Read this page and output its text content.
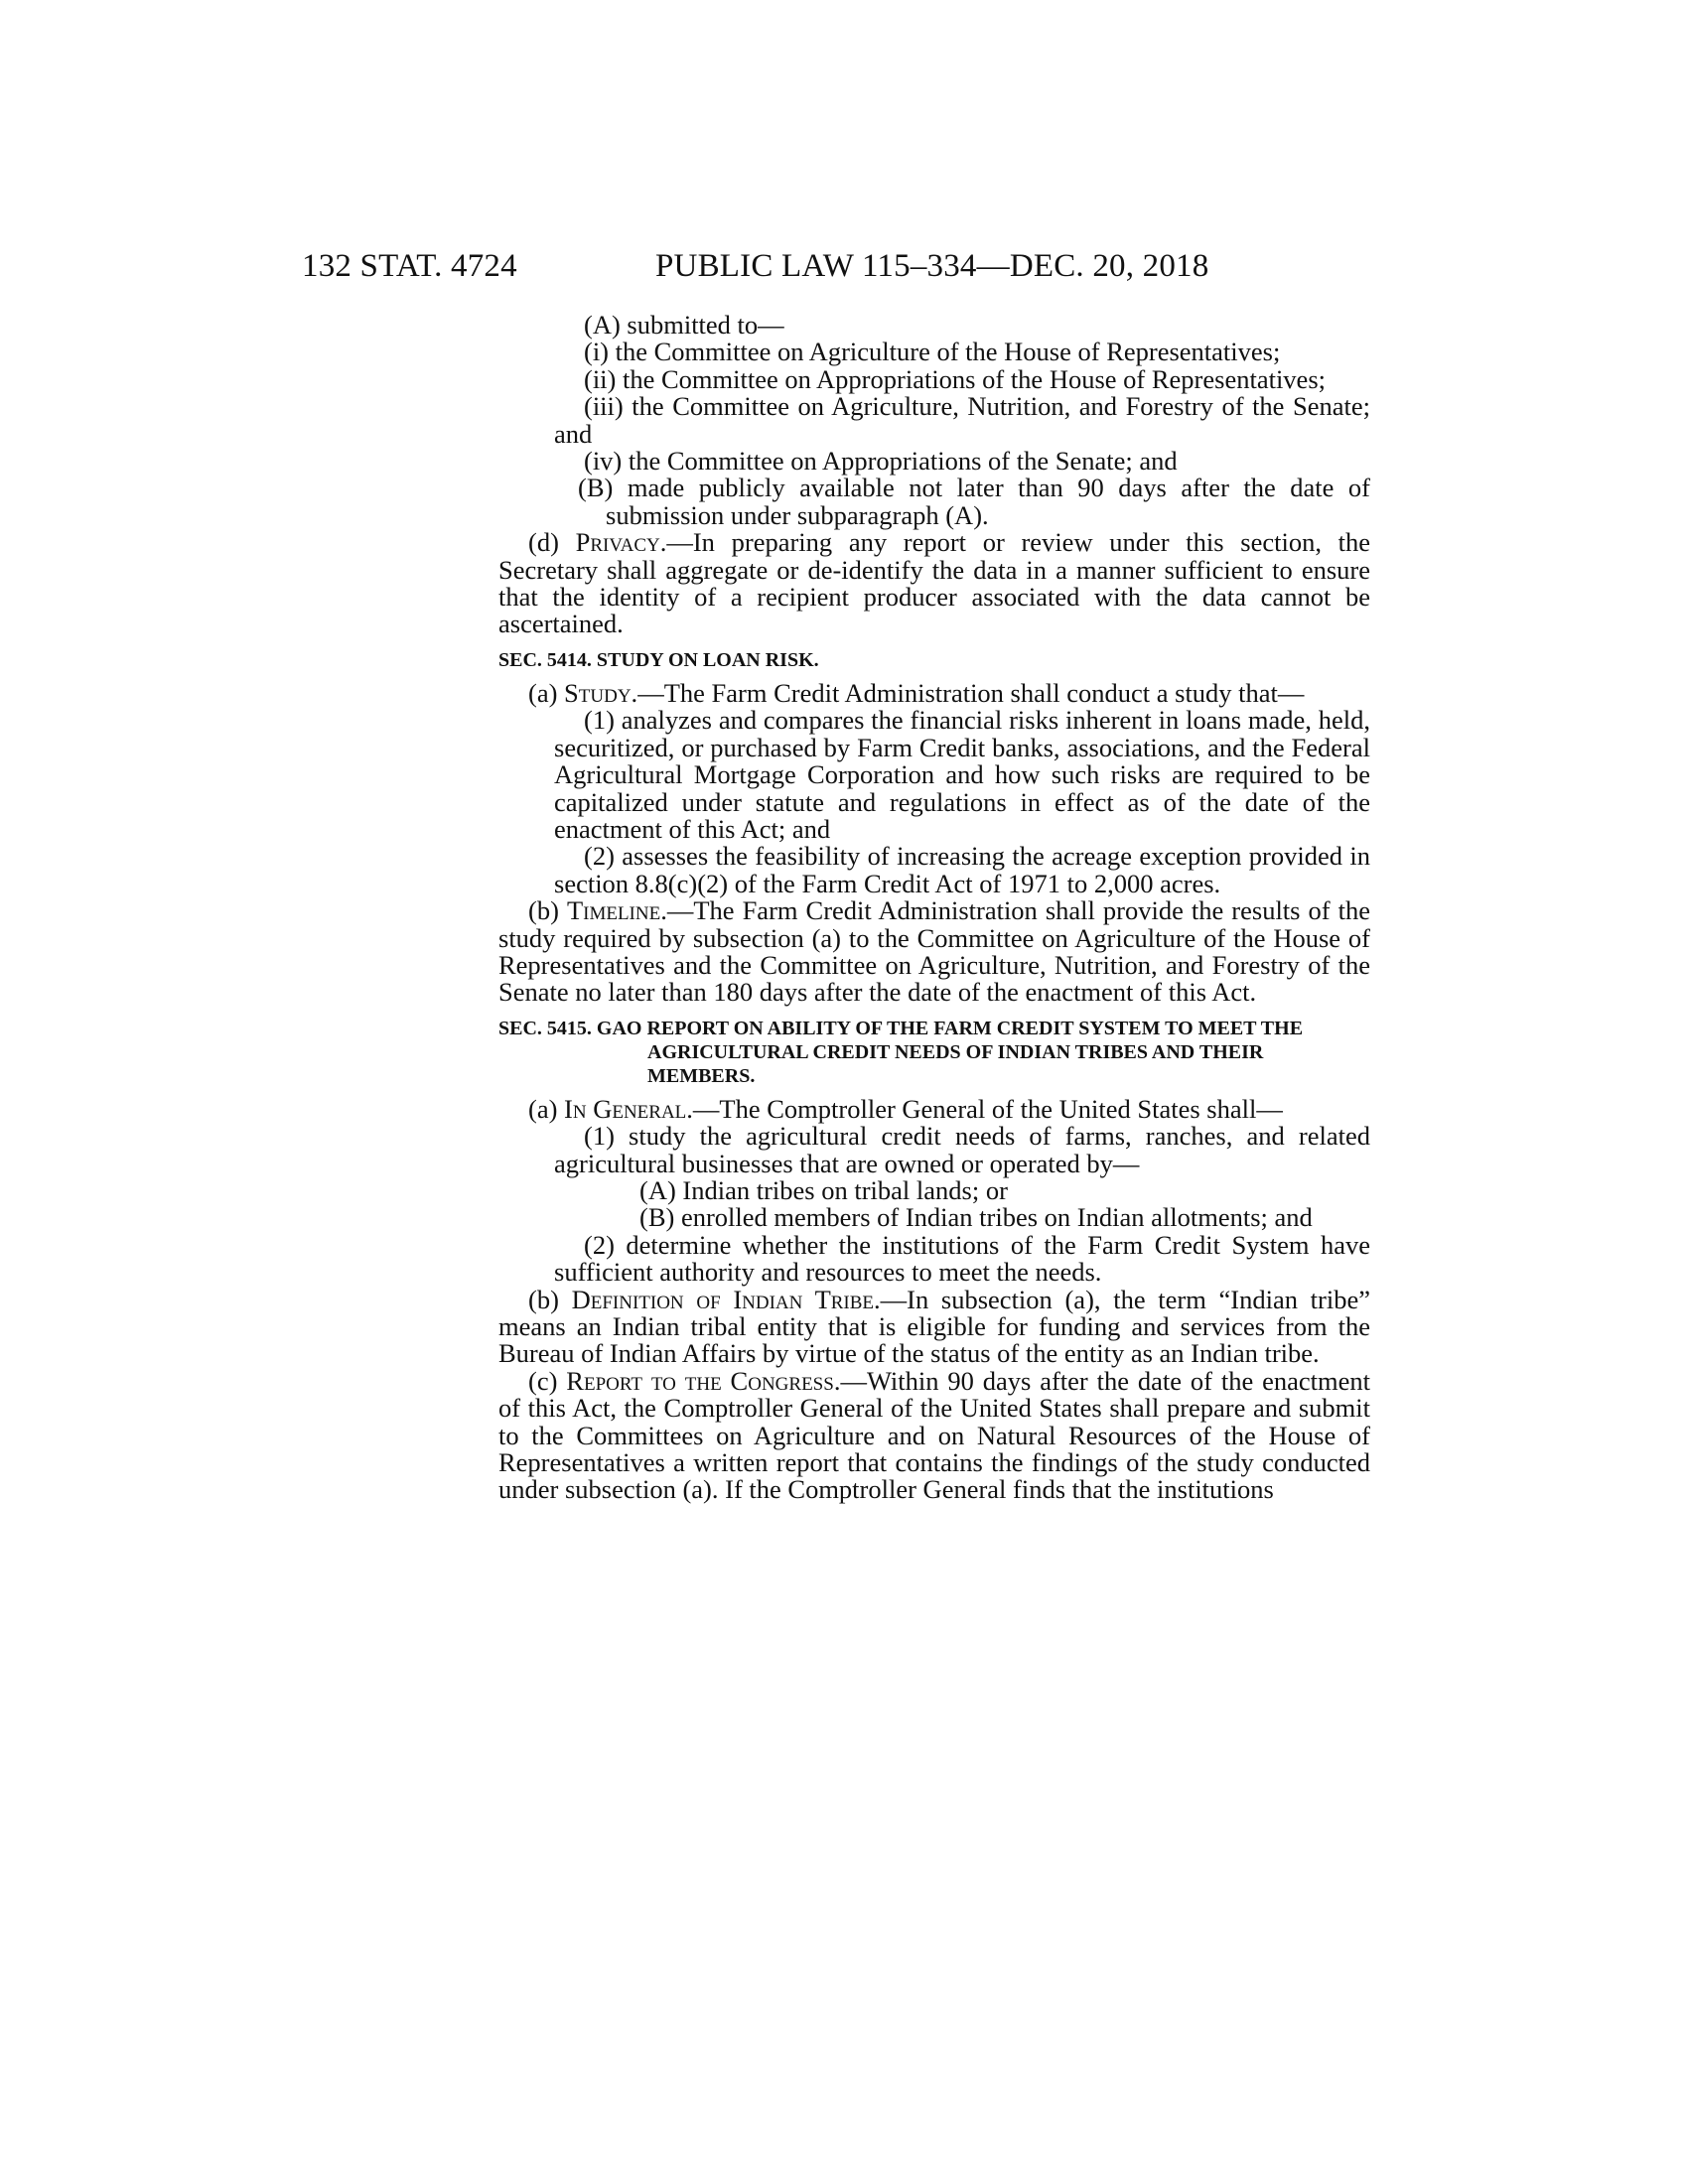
132 STAT. 4724	PUBLIC LAW 115–334—DEC. 20, 2018

(A) submitted to—

(i) the Committee on Agriculture of the House of Representatives;

(ii) the Committee on Appropriations of the House of Representatives;

(iii) the Committee on Agriculture, Nutrition, and Forestry of the Senate; and

(iv) the Committee on Appropriations of the Senate; and

(B) made publicly available not later than 90 days after the date of submission under subparagraph (A).

(d) Privacy.—In preparing any report or review under this section, the Secretary shall aggregate or de-identify the data in a manner sufficient to ensure that the identity of a recipient producer associated with the data cannot be ascertained.

SEC. 5414. STUDY ON LOAN RISK.

(a) Study.—The Farm Credit Administration shall conduct a study that—

(1) analyzes and compares the financial risks inherent in loans made, held, securitized, or purchased by Farm Credit banks, associations, and the Federal Agricultural Mortgage Corporation and how such risks are required to be capitalized under statute and regulations in effect as of the date of the enactment of this Act; and

(2) assesses the feasibility of increasing the acreage exception provided in section 8.8(c)(2) of the Farm Credit Act of 1971 to 2,000 acres.

(b) Timeline.—The Farm Credit Administration shall provide the results of the study required by subsection (a) to the Committee on Agriculture of the House of Representatives and the Committee on Agriculture, Nutrition, and Forestry of the Senate no later than 180 days after the date of the enactment of this Act.

SEC. 5415. GAO REPORT ON ABILITY OF THE FARM CREDIT SYSTEM TO MEET THE AGRICULTURAL CREDIT NEEDS OF INDIAN TRIBES AND THEIR MEMBERS.

(a) In General.—The Comptroller General of the United States shall—

(1) study the agricultural credit needs of farms, ranches, and related agricultural businesses that are owned or operated by—

(A) Indian tribes on tribal lands; or

(B) enrolled members of Indian tribes on Indian allotments; and

(2) determine whether the institutions of the Farm Credit System have sufficient authority and resources to meet the needs.

(b) Definition of Indian Tribe.—In subsection (a), the term “Indian tribe” means an Indian tribal entity that is eligible for funding and services from the Bureau of Indian Affairs by virtue of the status of the entity as an Indian tribe.

(c) Report to the Congress.—Within 90 days after the date of the enactment of this Act, the Comptroller General of the United States shall prepare and submit to the Committees on Agriculture and on Natural Resources of the House of Representatives a written report that contains the findings of the study conducted under subsection (a). If the Comptroller General finds that the institutions
